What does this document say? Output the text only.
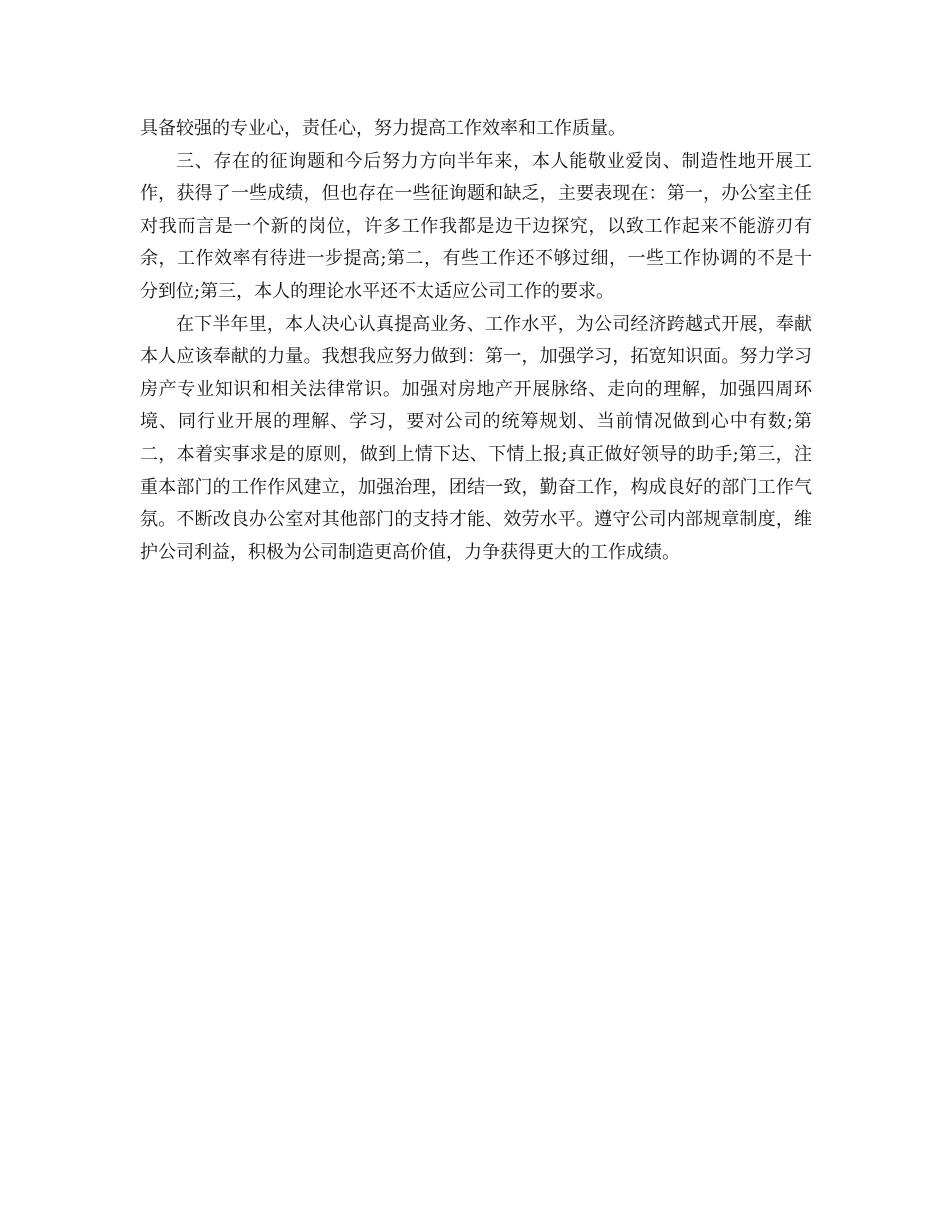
具备较强的专业心，责任心，努力提高工作效率和工作质量。

三、存在的征询题和今后努力方向半年来，本人能敬业爱岗、制造性地开展工作，获得了一些成绩，但也存在一些征询题和缺乏，主要表现在：第一，办公室主任对我而言是一个新的岗位，许多工作我都是边干边探究，以致工作起来不能游刃有余，工作效率有待进一步提高;第二，有些工作还不够过细，一些工作协调的不是十分到位;第三，本人的理论水平还不太适应公司工作的要求。

在下半年里，本人决心认真提高业务、工作水平，为公司经济跨越式开展，奉献本人应该奉献的力量。我想我应努力做到：第一，加强学习，拓宽知识面。努力学习房产专业知识和相关法律常识。加强对房地产开展脉络、走向的理解，加强四周环境、同行业开展的理解、学习，要对公司的统筹规划、当前情况做到心中有数;第二，本着实事求是的原则，做到上情下达、下情上报;真正做好领导的助手;第三，注重本部门的工作作风建立，加强治理，团结一致，勤奋工作，构成良好的部门工作气氛。不断改良办公室对其他部门的支持才能、效劳水平。遵守公司内部规章制度，维护公司利益，积极为公司制造更高价值，力争获得更大的工作成绩。
